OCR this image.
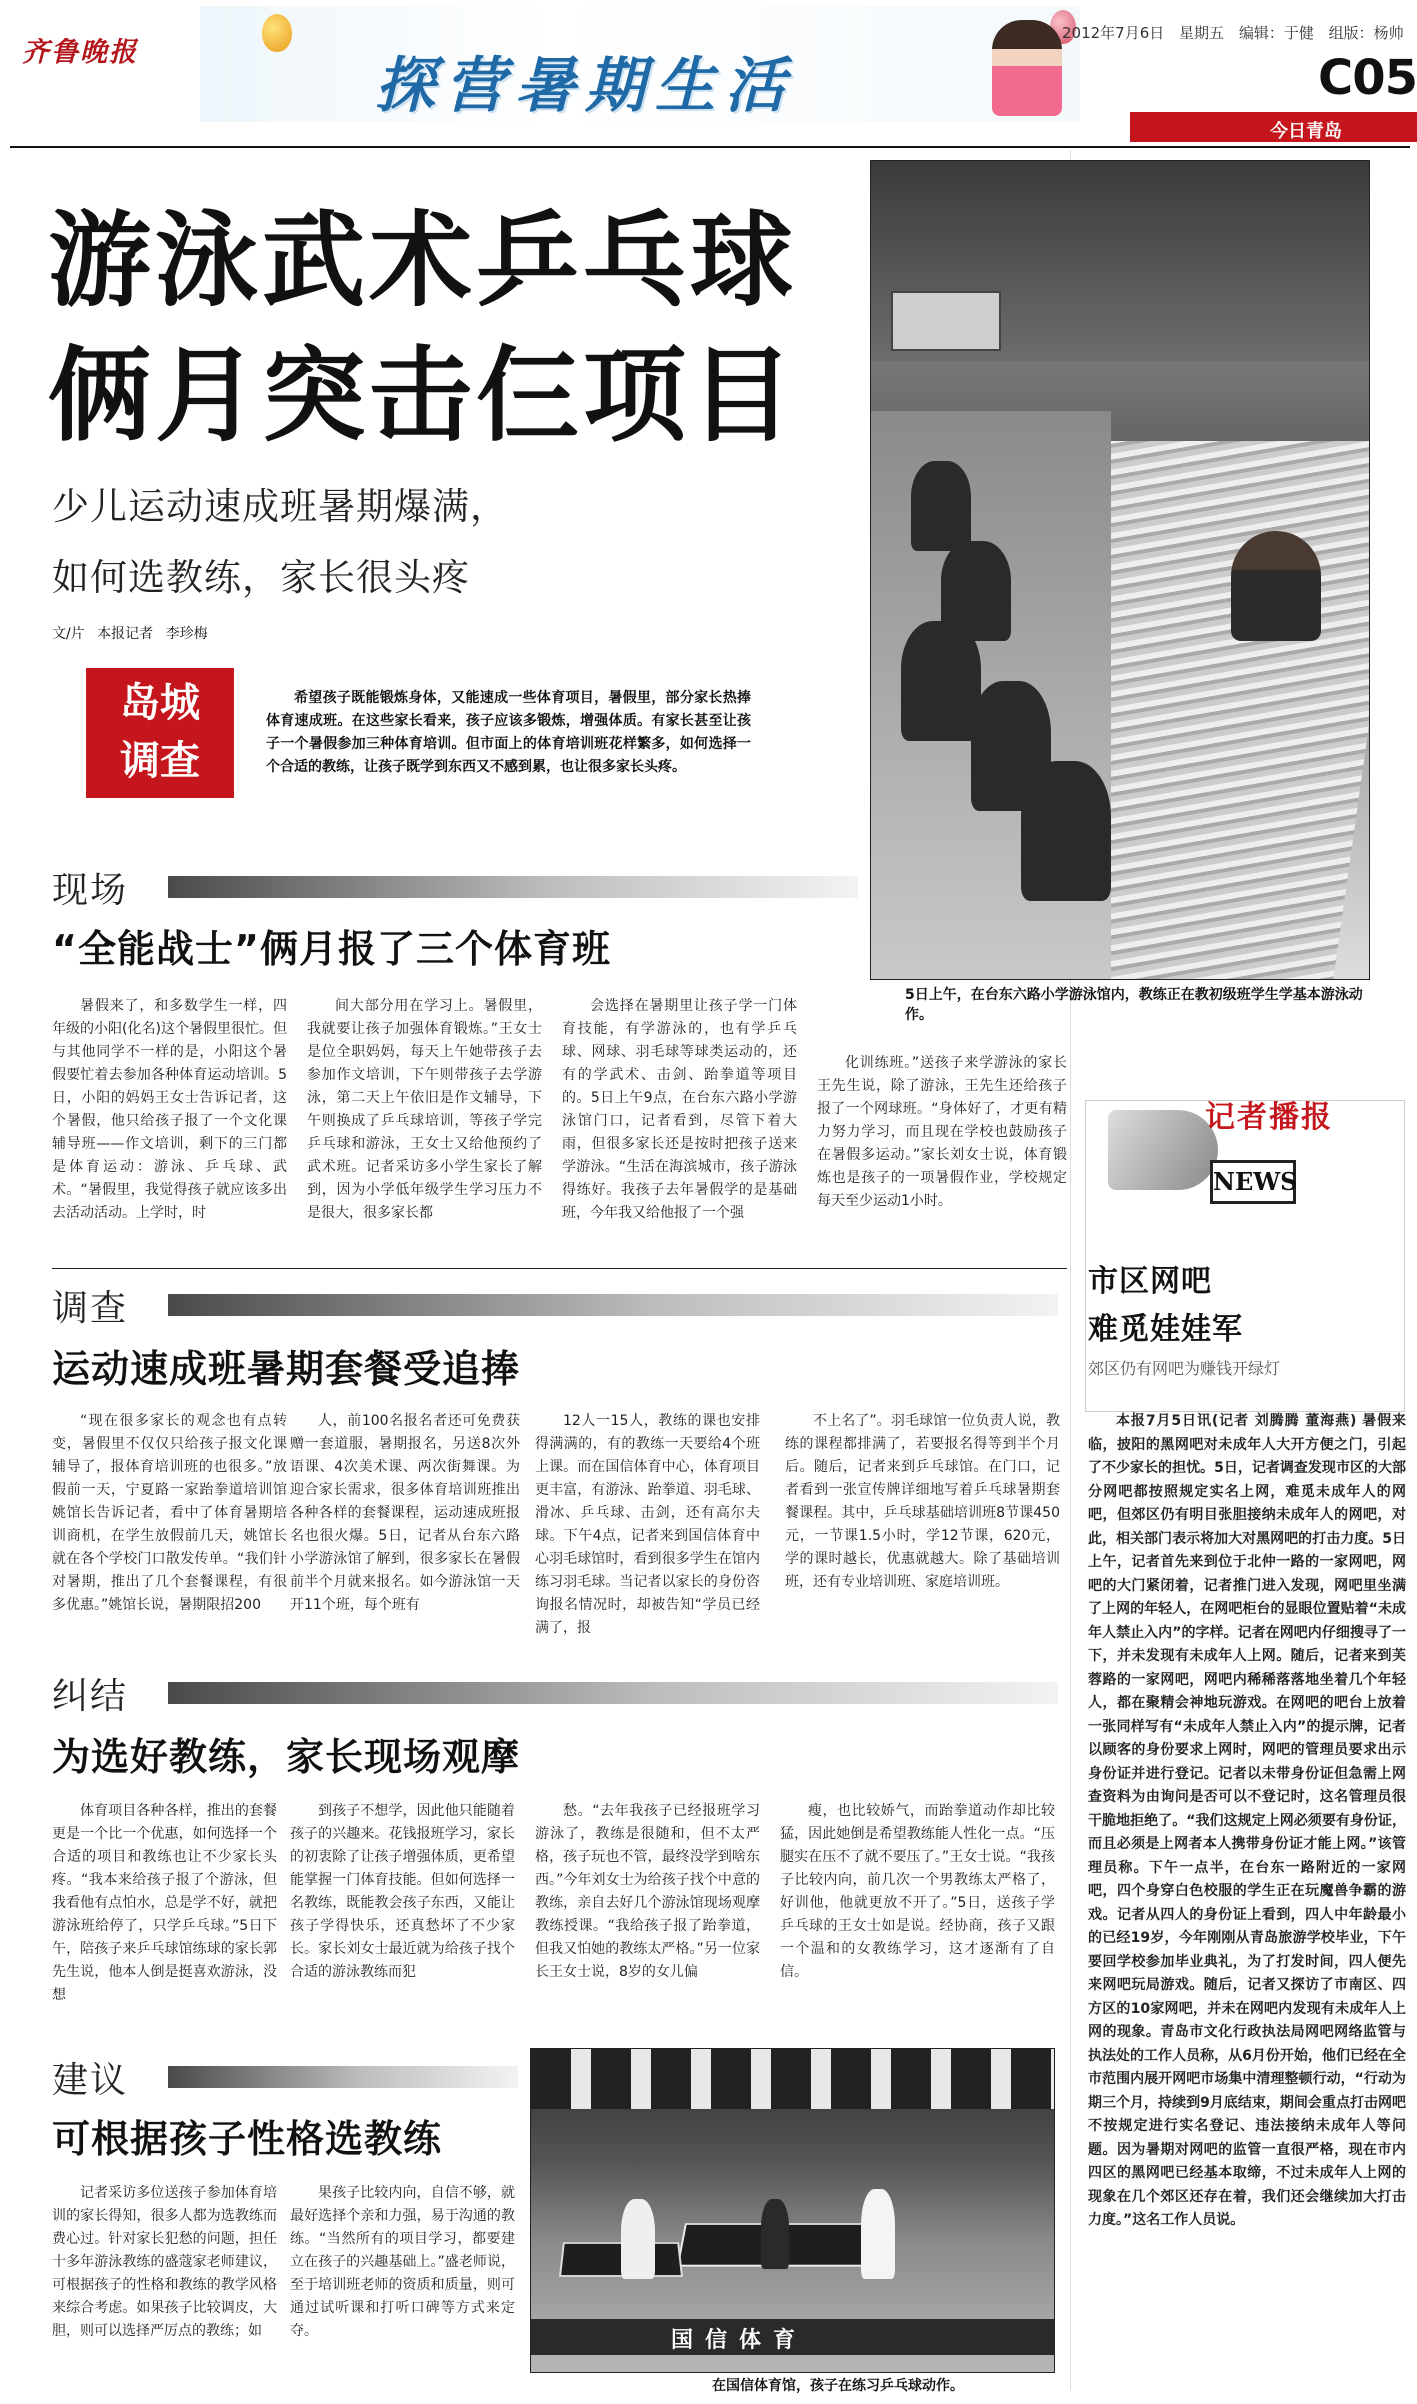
齐鲁晚报	探营暑期生活
2012年7月6日 星期五 编辑：于健 组版：杨帅
C05
今日青岛
游泳武术乒乓球
俩月突击仨项目
少儿运动速成班暑期爆满，
如何选教练，家长很头疼
文/片 本报记者 李珍梅
岛城
调查
希望孩子既能锻炼身体，又能速成一些体育项目，暑假里，部分家长热捧体育速成班。在这些家长看来，孩子应该多锻炼，增强体质。有家长甚至让孩子一个暑假参加三种体育培训。但市面上的体育培训班花样繁多，如何选择一个合适的教练，让孩子既学到东西又不感到累，也让很多家长头疼。
5日上午，在台东六路小学游泳馆内，教练正在教初级班学生学基本游泳动作。
现场
“全能战士”俩月报了三个体育班
暑假来了，和多数学生一样，四年级的小阳(化名)这个暑假里很忙。但与其他同学不一样的是，小阳这个暑假要忙着去参加各种体育运动培训。5日，小阳的妈妈王女士告诉记者，这个暑假，他只给孩子报了一个文化课辅导班——作文培训，剩下的三门都是体育运动：游泳、乒乓球、武术。“暑假里，我觉得孩子就应该多出去活动活动。上学时，时
间大部分用在学习上。暑假里，我就要让孩子加强体育锻炼。”王女士是位全职妈妈，每天上午她带孩子去参加作文培训，下午则带孩子去学游泳，第二天上午依旧是作文辅导，下午则换成了乒乓球培训，等孩子学完乒乓球和游泳，王女士又给他预约了武术班。记者采访多小学生家长了解到，因为小学低年级学生学习压力不是很大，很多家长都
会选择在暑期里让孩子学一门体育技能，有学游泳的，也有学乒乓球、网球、羽毛球等球类运动的，还有的学武术、击剑、跆拳道等项目的。5日上午9点，在台东六路小学游泳馆门口，记者看到，尽管下着大雨，但很多家长还是按时把孩子送来学游泳。“生活在海滨城市，孩子游泳得练好。我孩子去年暑假学的是基础班，今年我又给他报了一个强
化训练班。”送孩子来学游泳的家长王先生说，除了游泳，王先生还给孩子报了一个网球班。“身体好了，才更有精力努力学习，而且现在学校也鼓励孩子在暑假多运动。”家长刘女士说，体育锻炼也是孩子的一项暑假作业，学校规定每天至少运动1小时。
调查
运动速成班暑期套餐受追捧
“现在很多家长的观念也有点转变，暑假里不仅仅只给孩子报文化课辅导了，报体育培训班的也很多。”放假前一天，宁夏路一家跆拳道培训馆姚馆长告诉记者，看中了体育暑期培训商机，在学生放假前几天，姚馆长就在各个学校门口散发传单。“我们针对暑期，推出了几个套餐课程，有很多优惠。”姚馆长说，暑期限招200
人，前100名报名者还可免费获赠一套道服，暑期报名，另送8次外语课、4次美术课、两次街舞课。为迎合家长需求，很多体育培训班推出各种各样的套餐课程，运动速成班报名也很火爆。5日，记者从台东六路小学游泳馆了解到，很多家长在暑假前半个月就来报名。如今游泳馆一天开11个班，每个班有
12人一15人，教练的课也安排得满满的，有的教练一天要给4个班上课。而在国信体育中心，体育项目更丰富，有游泳、跆拳道、羽毛球、滑冰、乒乓球、击剑，还有高尔夫球。下午4点，记者来到国信体育中心羽毛球馆时，看到很多学生在馆内练习羽毛球。当记者以家长的身份咨询报名情况时，却被告知“学员已经满了，报
不上名了”。羽毛球馆一位负责人说，教练的课程都排满了，若要报名得等到半个月后。随后，记者来到乒乓球馆。在门口，记者看到一张宣传牌详细地写着乒乓球暑期套餐课程。其中，乒乓球基础培训班8节课450元，一节课1.5小时，学12节课，620元，学的课时越长，优惠就越大。除了基础培训班，还有专业培训班、家庭培训班。
纠结
为选好教练，家长现场观摩
体育项目各种各样，推出的套餐更是一个比一个优惠，如何选择一个合适的项目和教练也让不少家长头疼。“我本来给孩子报了个游泳，但我看他有点怕水，总是学不好，就把游泳班给停了，只学乒乓球。”5日下午，陪孩子来乒乓球馆练球的家长郭先生说，他本人倒是挺喜欢游泳，没想
到孩子不想学，因此他只能随着孩子的兴趣来。花钱报班学习，家长的初衷除了让孩子增强体质，更希望能掌握一门体育技能。但如何选择一名教练，既能教会孩子东西，又能让孩子学得快乐，还真愁坏了不少家长。家长刘女士最近就为给孩子找个合适的游泳教练而犯
愁。“去年我孩子已经报班学习游泳了，教练是很随和，但不太严格，孩子玩也不管，最终没学到啥东西。”今年刘女士为给孩子找个中意的教练，亲自去好几个游泳馆现场观摩教练授课。“我给孩子报了跆拳道，但我又怕她的教练太严格。”另一位家长王女士说，8岁的女儿偏
瘦，也比较娇气，而跆拳道动作却比较猛，因此她倒是希望教练能人性化一点。“压腿实在压不了就不要压了。”王女士说。“我孩子比较内向，前几次一个男教练太严格了，好训他，他就更放不开了。”5日，送孩子学乒乓球的王女士如是说。经协商，孩子又跟一个温和的女教练学习，这才逐渐有了自信。
建议
可根据孩子性格选教练
记者采访多位送孩子参加体育培训的家长得知，很多人都为选教练而费心过。针对家长犯愁的问题，担任十多年游泳教练的盛蔻家老师建议，可根据孩子的性格和教练的教学风格来综合考虑。如果孩子比较调皮，大胆，则可以选择严厉点的教练；如
果孩子比较内向，自信不够，就最好选择个亲和力强，易于沟通的教练。“当然所有的项目学习，都要建立在孩子的兴趣基础上。”盛老师说，至于培训班老师的资质和质量，则可通过试听课和打听口碑等方式来定夺。	国信体育
在国信体育馆，孩子在练习乒乓球动作。
记者播报
NEWS
市区网吧
难觅娃娃军
郊区仍有网吧为赚钱开绿灯
本报7月5日讯(记者 刘腾腾 董海燕) 暑假来临，披阳的黑网吧对未成年人大开方便之门，引起了不少家长的担忧。5日，记者调查发现市区的大部分网吧都按照规定实名上网，难觅未成年人的网吧，但郊区仍有明目张胆接纳未成年人的网吧，对此，相关部门表示将加大对黑网吧的打击力度。5日上午，记者首先来到位于北仲一路的一家网吧，网吧的大门紧闭着，记者推门进入发现，网吧里坐满了上网的年轻人，在网吧柜台的显眼位置贴着“未成年人禁止入内”的字样。记者在网吧内仔细搜寻了一下，并未发现有未成年人上网。随后，记者来到芙蓉路的一家网吧，网吧内稀稀落落地坐着几个年轻人，都在聚精会神地玩游戏。在网吧的吧台上放着一张同样写有“未成年人禁止入内”的提示牌，记者以顾客的身份要求上网时，网吧的管理员要求出示身份证并进行登记。记者以未带身份证但急需上网查资料为由询问是否可以不登记时，这名管理员很干脆地拒绝了。“我们这规定上网必须要有身份证，而且必须是上网者本人携带身份证才能上网。”该管理员称。下午一点半，在台东一路附近的一家网吧，四个身穿白色校服的学生正在玩魔兽争霸的游戏。记者从四人的身份证上看到，四人中年龄最小的已经19岁，今年刚刚从青岛旅游学校毕业，下午要回学校参加毕业典礼，为了打发时间，四人便先来网吧玩局游戏。随后，记者又探访了市南区、四方区的10家网吧，并未在网吧内发现有未成年人上网的现象。青岛市文化行政执法局网吧网络监管与执法处的工作人员称，从6月份开始，他们已经在全市范围内展开网吧市场集中清理整顿行动，“行动为期三个月，持续到9月底结束，期间会重点打击网吧不按规定进行实名登记、违法接纳未成年人等问题。因为暑期对网吧的监管一直很严格，现在市内四区的黑网吧已经基本取缔，不过未成年人上网的现象在几个郊区还存在着，我们还会继续加大打击力度。”这名工作人员说。
